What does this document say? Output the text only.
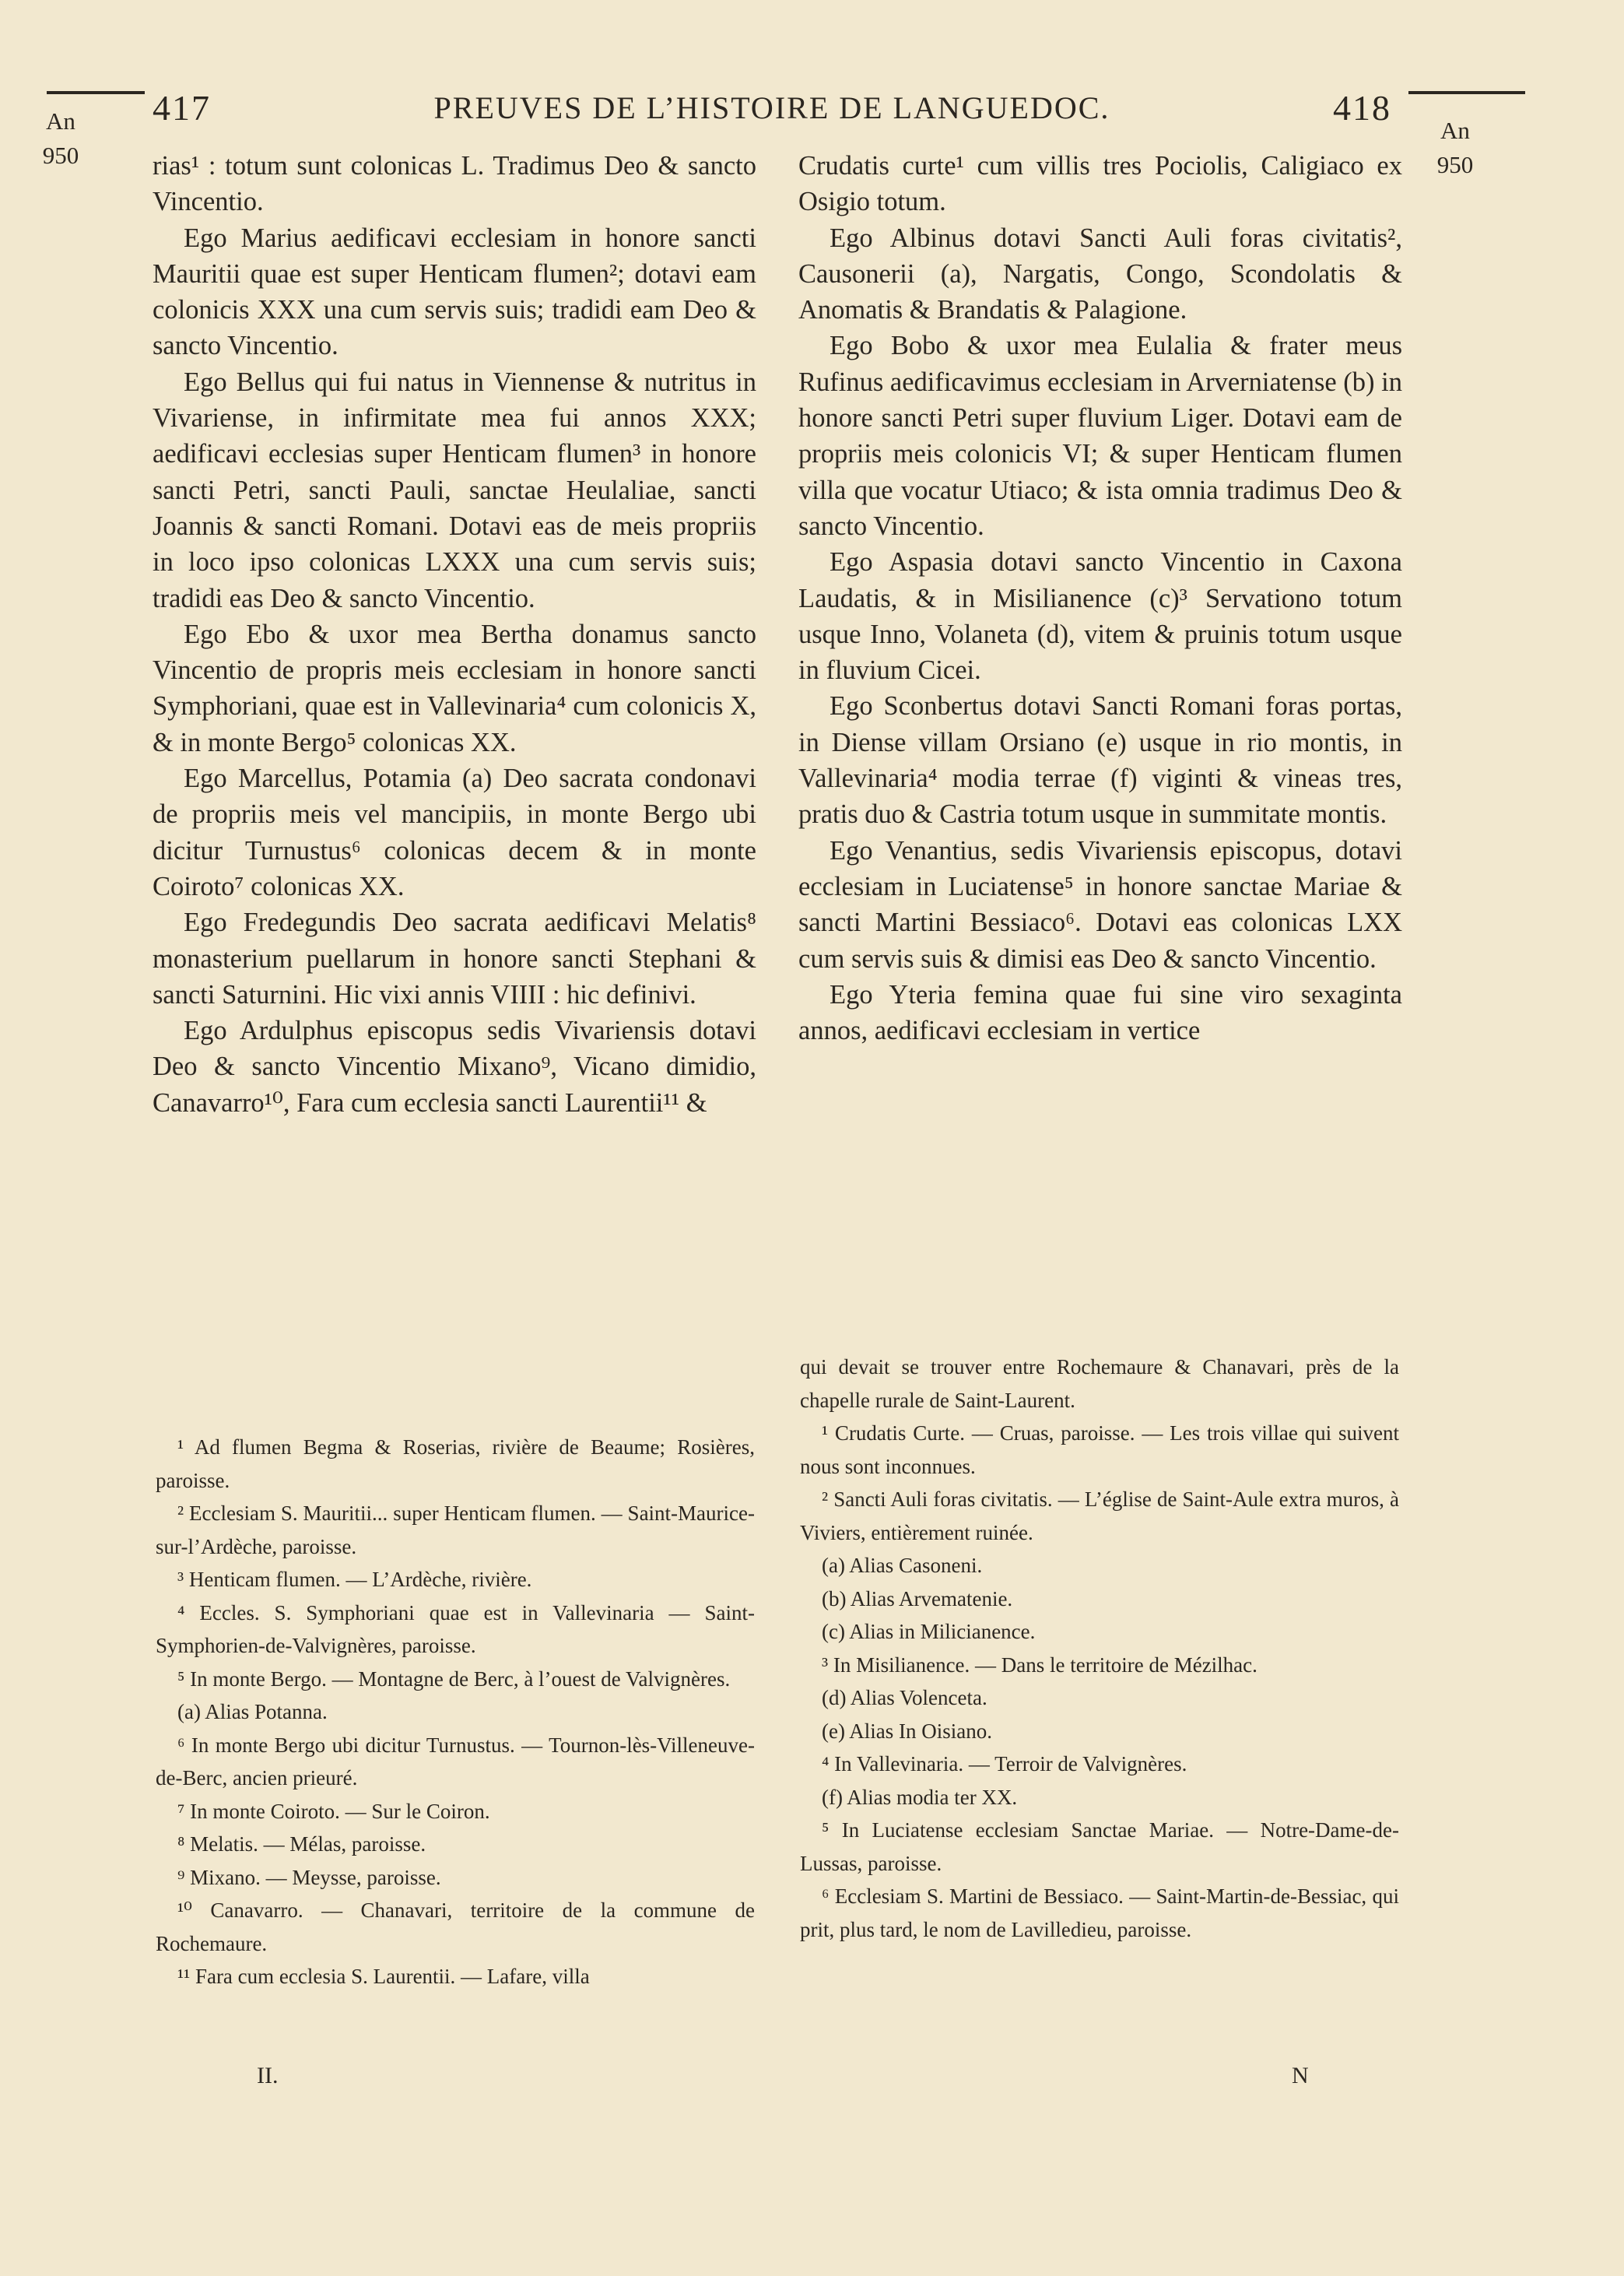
An
950
An
950
417	PREUVES DE L’HISTOIRE DE LANGUEDOC.	418

rias¹ : totum sunt colonicas L. Tradimus Deo & sancto Vincentio.

Ego Marius aedificavi ecclesiam in honore sancti Mauritii quae est super Henticam flumen²; dotavi eam colonicis XXX una cum servis suis; tradidi eam Deo & sancto Vincentio.

Ego Bellus qui fui natus in Viennense & nutritus in Vivariense, in infirmitate mea fui annos XXX; aedificavi ecclesias super Henticam flumen³ in honore sancti Petri, sancti Pauli, sanctae Heulaliae, sancti Joannis & sancti Romani. Dotavi eas de meis propriis in loco ipso colonicas LXXX una cum servis suis; tradidi eas Deo & sancto Vincentio.

Ego Ebo & uxor mea Bertha donamus sancto Vincentio de propris meis ecclesiam in honore sancti Symphoriani, quae est in Vallevinaria⁴ cum colonicis X, & in monte Bergo⁵ colonicas XX.

Ego Marcellus, Potamia (a) Deo sacrata condonavi de propriis meis vel mancipiis, in monte Bergo ubi dicitur Turnustus⁶ colonicas decem & in monte Coiroto⁷ colonicas XX.

Ego Fredegundis Deo sacrata aedificavi Melatis⁸ monasterium puellarum in honore sancti Stephani & sancti Saturnini. Hic vixi annis VIIII : hic definivi.

Ego Ardulphus episcopus sedis Vivariensis dotavi Deo & sancto Vincentio Mixano⁹, Vicano dimidio, Canavarro¹⁰, Fara cum ecclesia sancti Laurentii¹¹ &

Crudatis curte¹ cum villis tres Pociolis, Caligiaco ex Osigio totum.

Ego Albinus dotavi Sancti Auli foras civitatis², Causonerii (a), Nargatis, Congo, Scondolatis & Anomatis & Brandatis & Palagione.

Ego Bobo & uxor mea Eulalia & frater meus Rufinus aedificavimus ecclesiam in Arverniatense (b) in honore sancti Petri super fluvium Liger. Dotavi eam de propriis meis colonicis VI; & super Henticam flumen villa que vocatur Utiaco; & ista omnia tradimus Deo & sancto Vincentio.

Ego Aspasia dotavi sancto Vincentio in Caxona Laudatis, & in Misilianence (c)³ Servationo totum usque Inno, Volaneta (d), vitem & pruinis totum usque in fluvium Cicei.

Ego Sconbertus dotavi Sancti Romani foras portas, in Diense villam Orsiano (e) usque in rio montis, in Vallevinaria⁴ modia terrae (f) viginti & vineas tres, pratis duo & Castria totum usque in summitate montis.

Ego Venantius, sedis Vivariensis episcopus, dotavi ecclesiam in Luciatense⁵ in honore sanctae Mariae & sancti Martini Bessiaco⁶. Dotavi eas colonicas LXX cum servis suis & dimisi eas Deo & sancto Vincentio.

Ego Yteria femina quae fui sine viro sexaginta annos, aedificavi ecclesiam in vertice

¹ Ad flumen Begma & Roserias, rivière de Beaume; Rosières, paroisse.

² Ecclesiam S. Mauritii... super Henticam flumen. — Saint-Maurice-sur-l’Ardèche, paroisse.

³ Henticam flumen. — L’Ardèche, rivière.

⁴ Eccles. S. Symphoriani quae est in Vallevinaria — Saint-Symphorien-de-Valvignères, paroisse.

⁵ In monte Bergo. — Montagne de Berc, à l’ouest de Valvignères.

(a) Alias Potanna.

⁶ In monte Bergo ubi dicitur Turnustus. — Tournon-lès-Villeneuve-de-Berc, ancien prieuré.

⁷ In monte Coiroto. — Sur le Coiron.

⁸ Melatis. — Mélas, paroisse.

⁹ Mixano. — Meysse, paroisse.

¹⁰ Canavarro. — Chanavari, territoire de la commune de Rochemaure.

¹¹ Fara cum ecclesia S. Laurentii. — Lafare, villa

qui devait se trouver entre Rochemaure & Chanavari, près de la chapelle rurale de Saint-Laurent.

¹ Crudatis Curte. — Cruas, paroisse. — Les trois villae qui suivent nous sont inconnues.

² Sancti Auli foras civitatis. — L’église de Saint-Aule extra muros, à Viviers, entièrement ruinée.

(a) Alias Casoneni.

(b) Alias Arvematenie.

(c) Alias in Milicianence.

³ In Misilianence. — Dans le territoire de Mézilhac.

(d) Alias Volenceta.

(e) Alias In Oisiano.

⁴ In Vallevinaria. — Terroir de Valvignères.

(f) Alias modia ter XX.

⁵ In Luciatense ecclesiam Sanctae Mariae. — Notre-Dame-de-Lussas, paroisse.

⁶ Ecclesiam S. Martini de Bessiaco. — Saint-Martin-de-Bessiac, qui prit, plus tard, le nom de Lavilledieu, paroisse.

II.	N
